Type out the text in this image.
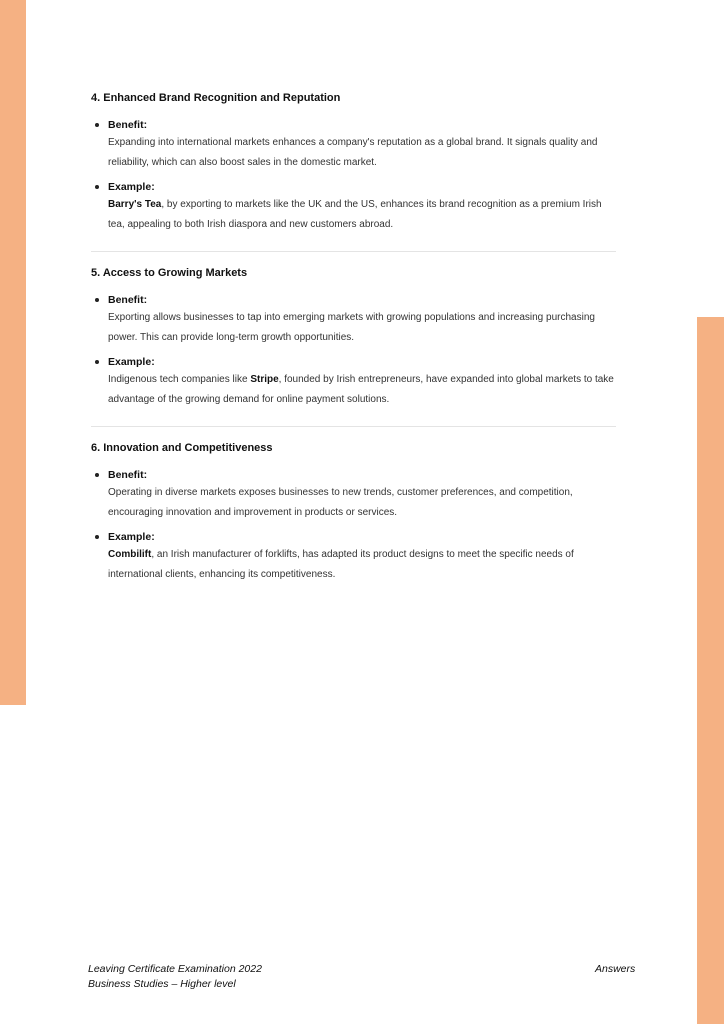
4. Enhanced Brand Recognition and Reputation
Benefit:
Expanding into international markets enhances a company's reputation as a global brand. It signals quality and reliability, which can also boost sales in the domestic market.
Example:
Barry's Tea, by exporting to markets like the UK and the US, enhances its brand recognition as a premium Irish tea, appealing to both Irish diaspora and new customers abroad.
5. Access to Growing Markets
Benefit:
Exporting allows businesses to tap into emerging markets with growing populations and increasing purchasing power. This can provide long-term growth opportunities.
Example:
Indigenous tech companies like Stripe, founded by Irish entrepreneurs, have expanded into global markets to take advantage of the growing demand for online payment solutions.
6. Innovation and Competitiveness
Benefit:
Operating in diverse markets exposes businesses to new trends, customer preferences, and competition, encouraging innovation and improvement in products or services.
Example:
Combilift, an Irish manufacturer of forklifts, has adapted its product designs to meet the specific needs of international clients, enhancing its competitiveness.
Leaving Certificate Examination 2022
Business Studies – Higher level
Answers
